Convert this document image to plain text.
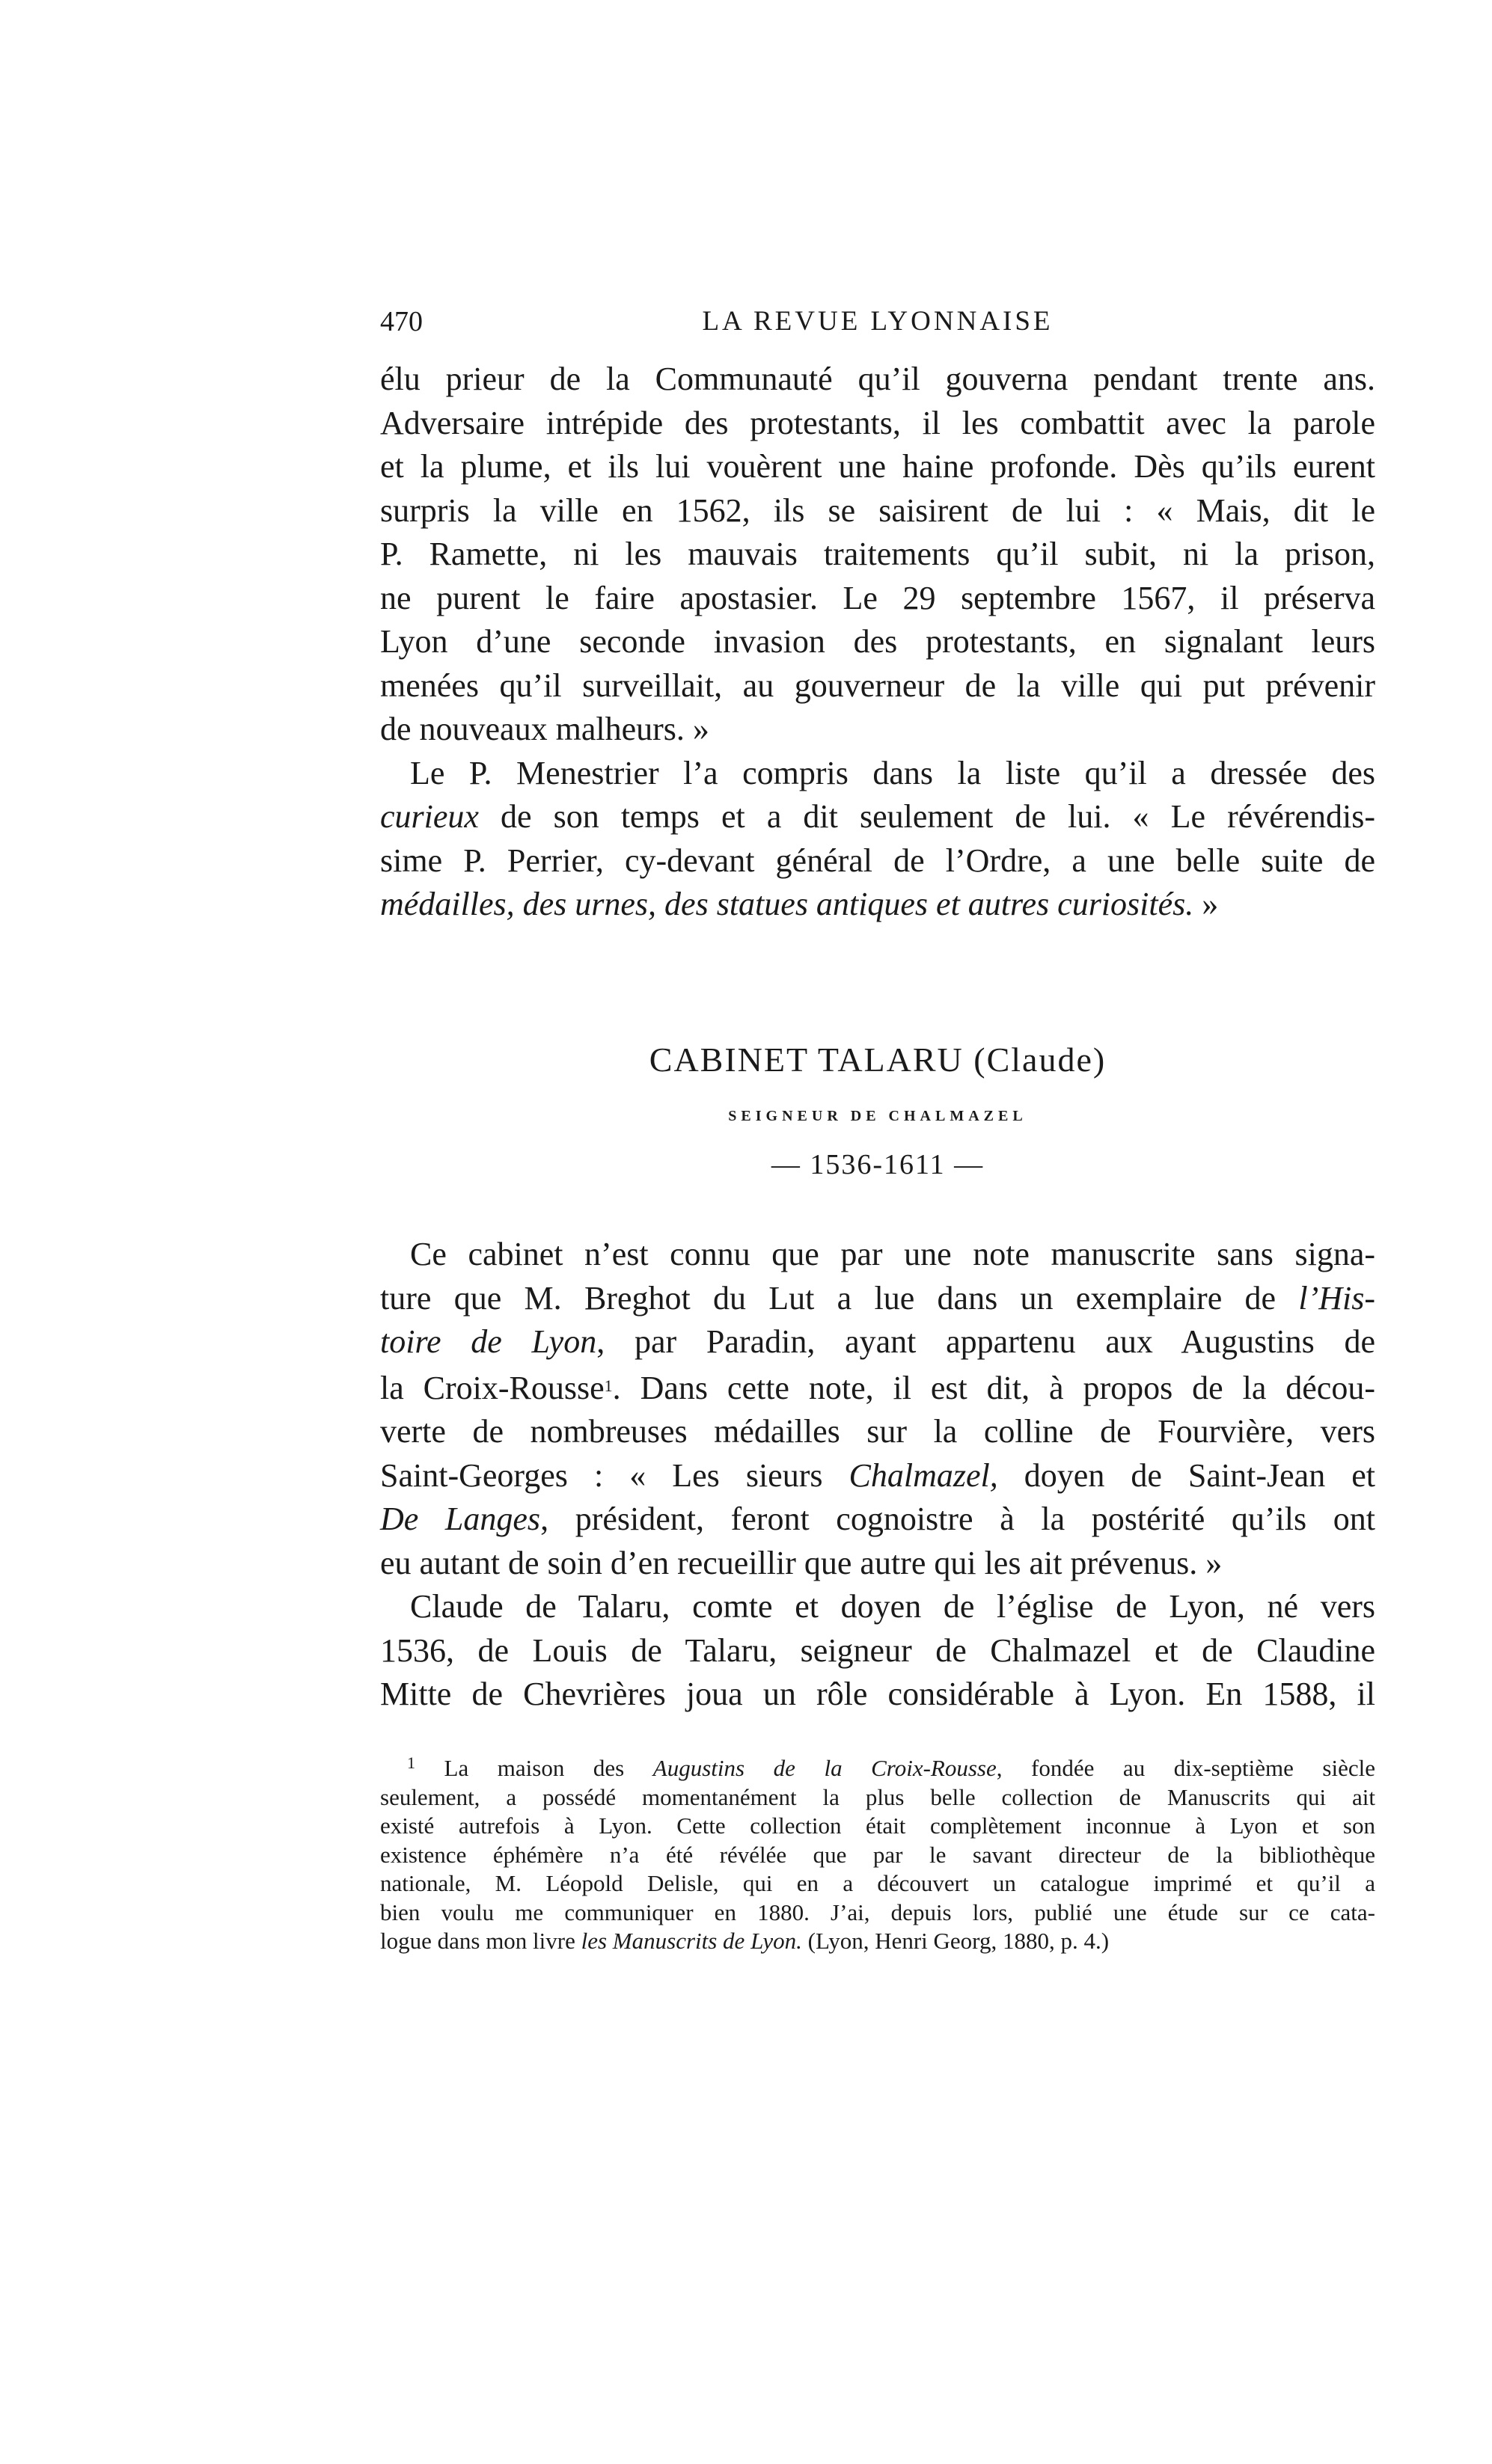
470	LA REVUE LYONNAISE

élu prieur de la Communauté qu’il gouverna pendant trente ans.

Adversaire intrépide des protestants, il les combattit avec la parole

et la plume, et ils lui vouèrent une haine profonde. Dès qu’ils eurent

surpris la ville en 1562, ils se saisirent de lui : « Mais, dit le

P. Ramette, ni les mauvais traitements qu’il subit, ni la prison,

ne purent le faire apostasier. Le 29 septembre 1567, il préserva

Lyon d’une seconde invasion des protestants, en signalant leurs

menées qu’il surveillait, au gouverneur de la ville qui put prévenir

de nouveaux malheurs. »

Le P. Menestrier l’a compris dans la liste qu’il a dressée des

curieux de son temps et a dit seulement de lui. « Le révérendis-

sime P. Perrier, cy-devant général de l’Ordre, a une belle suite de

médailles, des urnes, des statues antiques et autres curiosités. »

CABINET TALARU (Claude)
SEIGNEUR DE CHALMAZEL
— 1536-1611 —

Ce cabinet n’est connu que par une note manuscrite sans signa-

ture que M. Breghot du Lut a lue dans un exemplaire de l’His-

toire de Lyon, par Paradin, ayant appartenu aux Augustins de

la Croix-Rousse$^1$. Dans cette note, il est dit, à propos de la décou-

verte de nombreuses médailles sur la colline de Fourvière, vers

Saint-Georges : « Les sieurs Chalmazel, doyen de Saint-Jean et

De Langes, président, feront cognoistre à la postérité qu’ils ont

eu autant de soin d’en recueillir que autre qui les ait prévenus. »

Claude de Talaru, comte et doyen de l’église de Lyon, né vers

1536, de Louis de Talaru, seigneur de Chalmazel et de Claudine

Mitte de Chevrières joua un rôle considérable à Lyon. En 1588, il

$^1$ La maison des Augustins de la Croix-Rousse, fondée au dix-septième siècle

seulement, a possédé momentanément la plus belle collection de Manuscrits qui ait

existé autrefois à Lyon. Cette collection était complètement inconnue à Lyon et son

existence éphémère n’a été révélée que par le savant directeur de la bibliothèque

nationale, M. Léopold Delisle, qui en a découvert un catalogue imprimé et qu’il a

bien voulu me communiquer en 1880. J’ai, depuis lors, publié une étude sur ce cata-

logue dans mon livre les Manuscrits de Lyon. (Lyon, Henri Georg, 1880, p. 4.)
